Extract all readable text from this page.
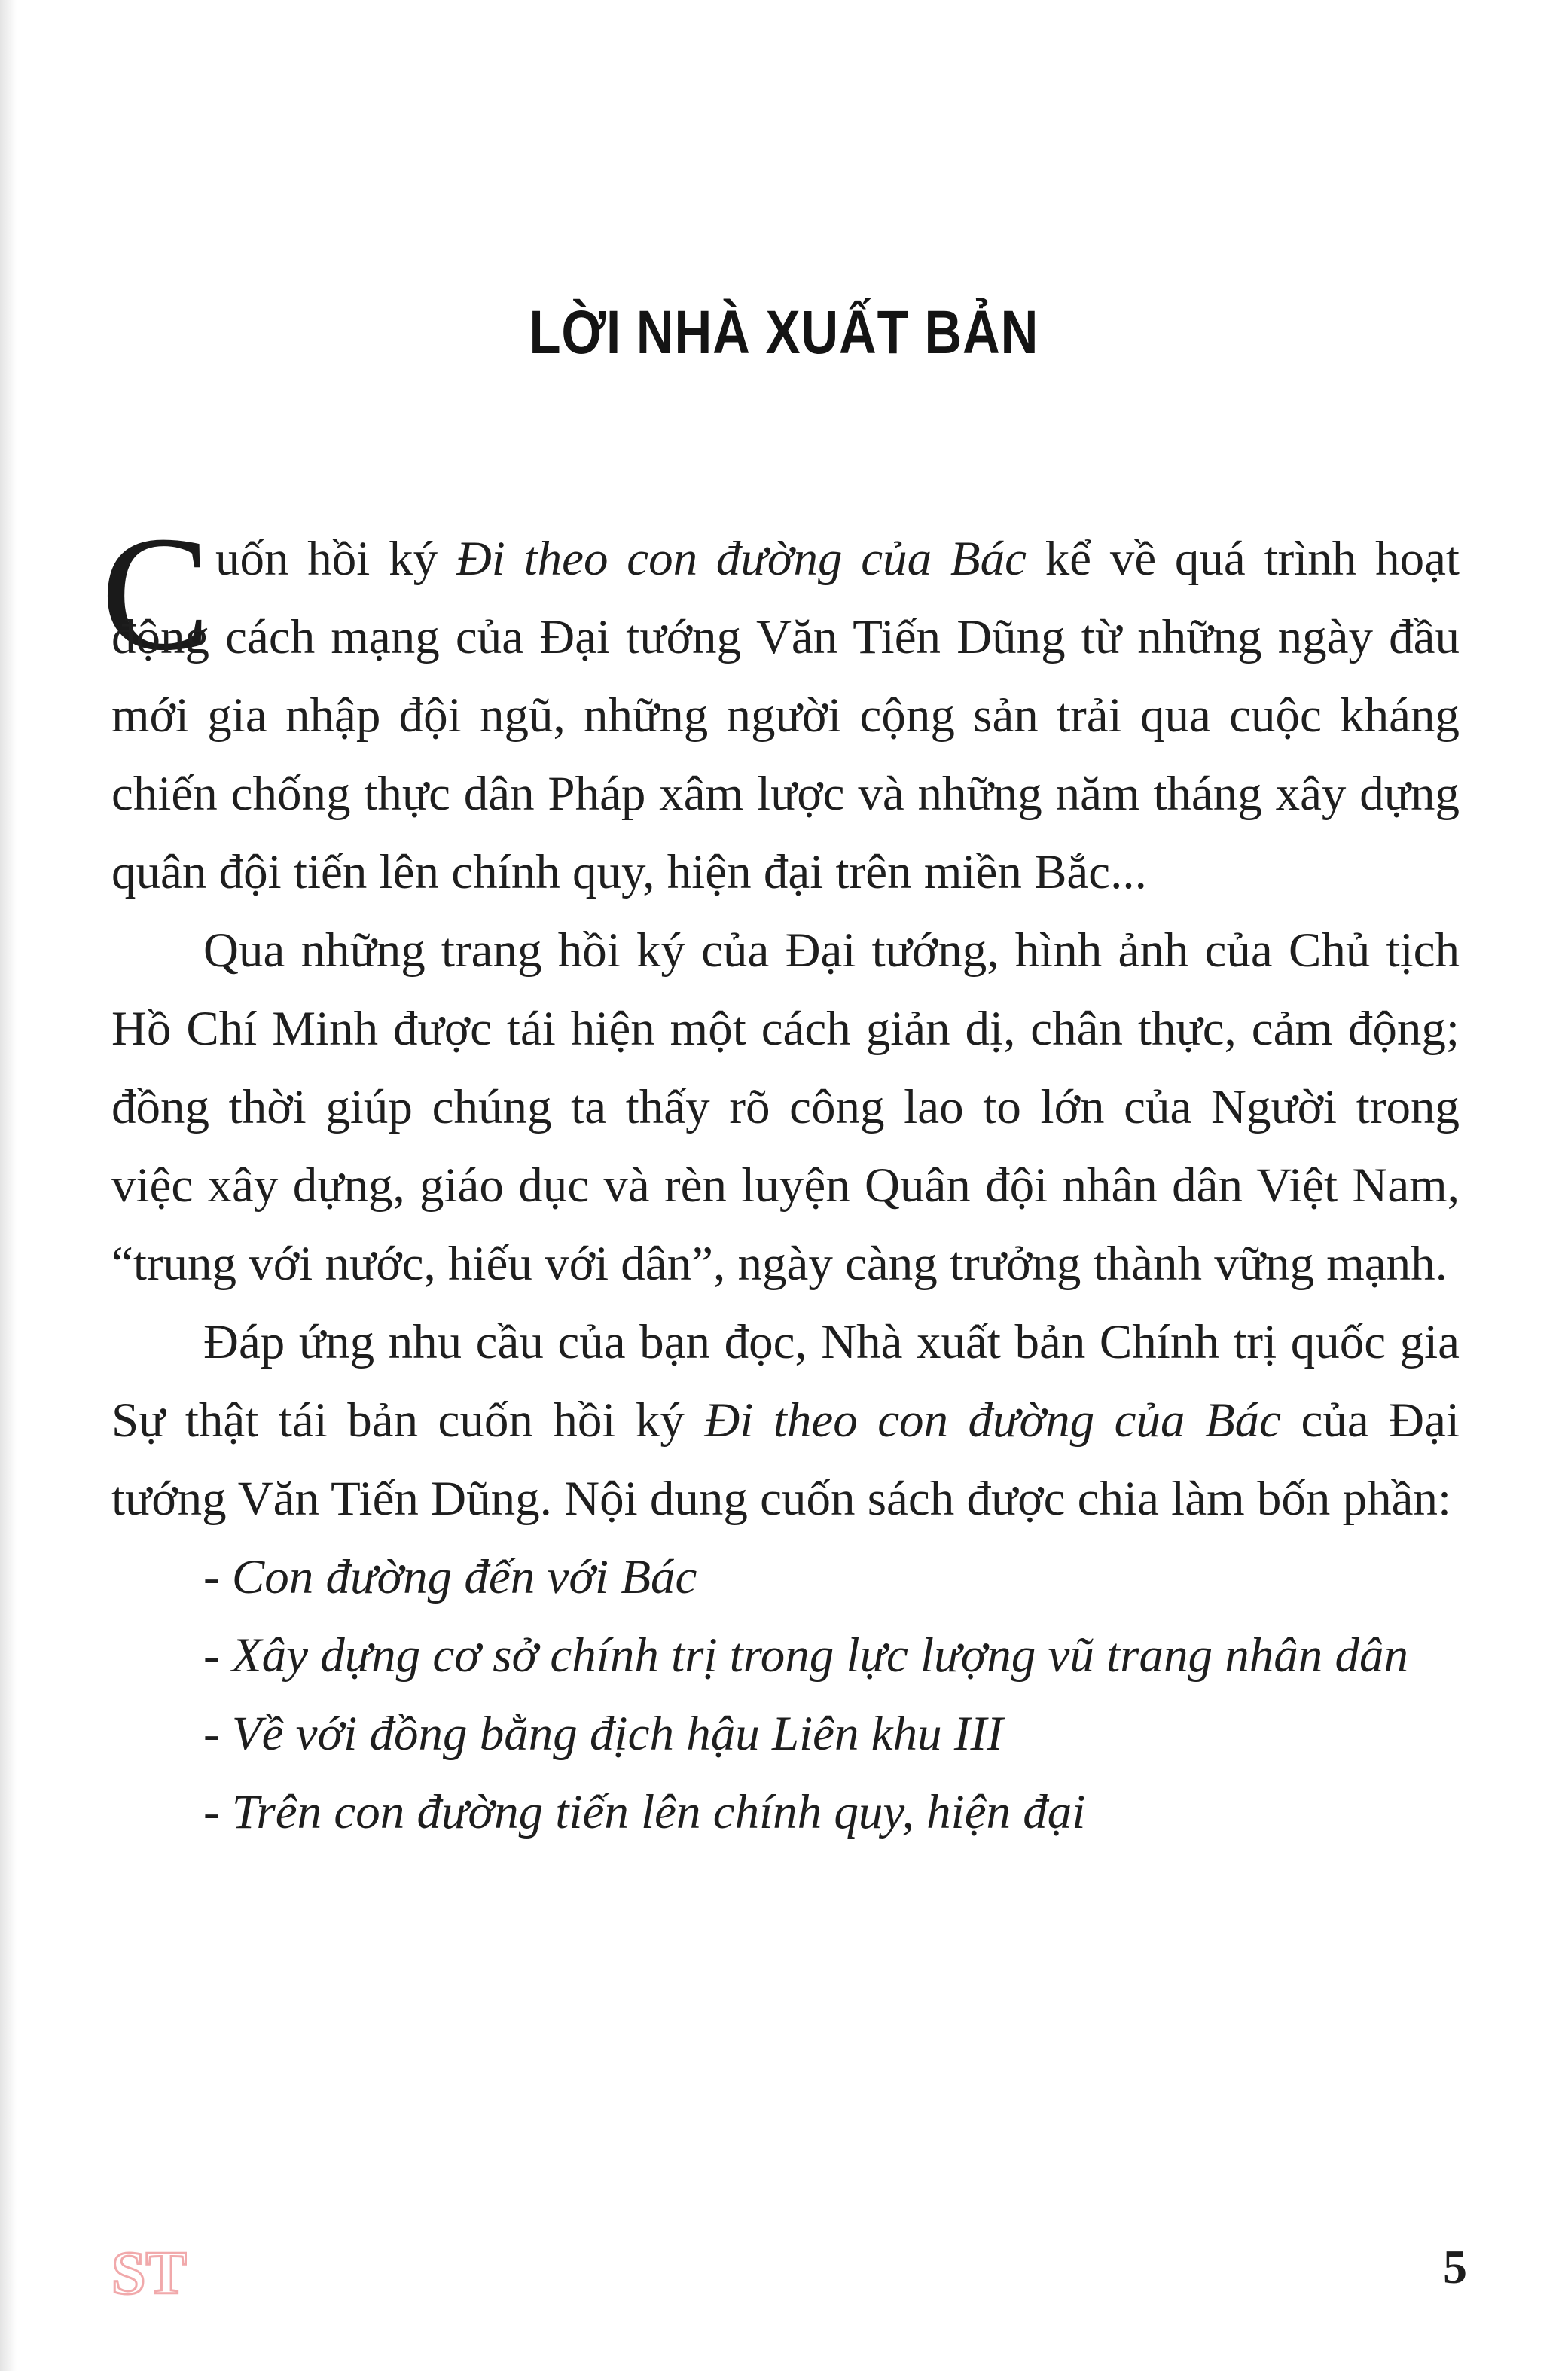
LỜI NHÀ XUẤT BẢN
C uốn hồi ký Đi theo con đường của Bác kể về quá trình hoạt động cách mạng của Đại tướng Văn Tiến Dũng từ những ngày đầu mới gia nhập đội ngũ, những người cộng sản trải qua cuộc kháng chiến chống thực dân Pháp xâm lược và những năm tháng xây dựng quân đội tiến lên chính quy, hiện đại trên miền Bắc...

Qua những trang hồi ký của Đại tướng, hình ảnh của Chủ tịch Hồ Chí Minh được tái hiện một cách giản dị, chân thực, cảm động; đồng thời giúp chúng ta thấy rõ công lao to lớn của Người trong việc xây dựng, giáo dục và rèn luyện Quân đội nhân dân Việt Nam, “trung với nước, hiếu với dân”, ngày càng trưởng thành vững mạnh.

Đáp ứng nhu cầu của bạn đọc, Nhà xuất bản Chính trị quốc gia Sự thật tái bản cuốn hồi ký Đi theo con đường của Bác của Đại tướng Văn Tiến Dũng. Nội dung cuốn sách được chia làm bốn phần:

- Con đường đến với Bác

- Xây dựng cơ sở chính trị trong lực lượng vũ trang nhân dân

- Về với đồng bằng địch hậu Liên khu III

- Trên con đường tiến lên chính quy, hiện đại

ST	5
